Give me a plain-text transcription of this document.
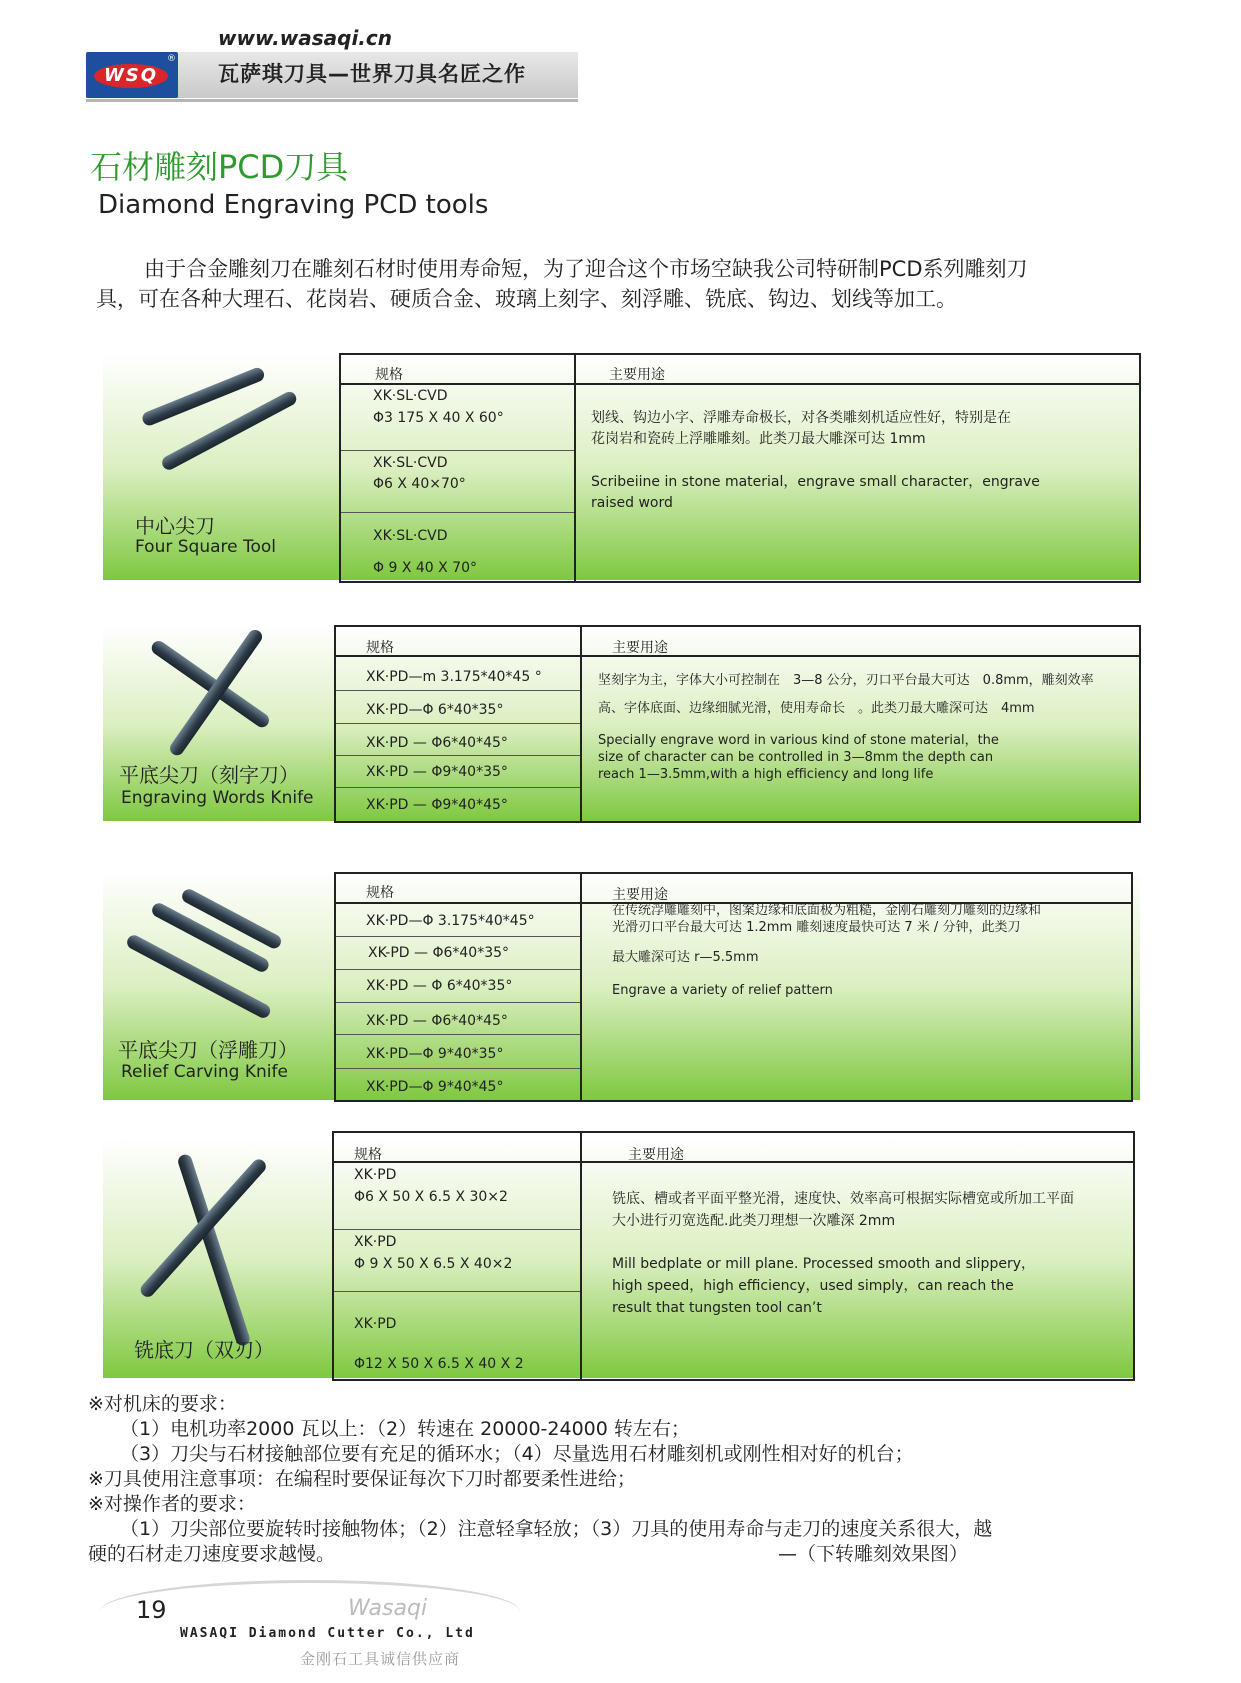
WSQ
®
www.wasaqi.cn
瓦萨琪刀具—世界刀具名匠之作
石材雕刻PCD刀具
Diamond Engraving PCD tools
由于合金雕刻刀在雕刻石材时使用寿命短，为了迎合这个市场空缺我公司特研制PCD系列雕刻刀具，可在各种大理石、花岗岩、硬质合金、玻璃上刻字、刻浮雕、铣底、钩边、划线等加工。
中心尖刀
Four Square Tool
规格	主要用途
XK·SL·CVD
Φ3 175 X 40 X 60°
XK·SL·CVD
Φ6 X 40×70°
XK·SL·CVD
Φ 9 X 40 X 70°
划线、钩边小字、浮雕寿命极长，对各类雕刻机适应性好，特别是在
花岗岩和瓷砖上浮雕雕刻。此类刀最大雕深可达 1mm
Scribeiine in stone material，engrave small character，engrave
raised word
平底尖刀（刻字刀）
Engraving Words Knife
规格	主要用途
XK·PD—m 3.175*40*45 °
XK·PD—Φ 6*40*35°
XK·PD — Φ6*40*45°
XK·PD — Φ9*40*35°
XK·PD — Φ9*40*45°
坚刻字为主，字体大小可控制在　3—8 公分，刃口平台最大可达　0.8mm，雕刻效率
高、字体底面、边缘细腻光滑，使用寿命长　。此类刀最大雕深可达　4mm
Specially engrave word in various kind of stone material，the
size of character can be controlled in 3—8mm the depth can
reach 1—3.5mm,with a high efficiency and long life
平底尖刀（浮雕刀）
Relief Carving Knife
规格	主要用途
XK·PD—Φ 3.175*40*45°
XK-PD — Φ6*40*35°
XK·PD — Φ 6*40*35°
XK·PD — Φ6*40*45°
XK·PD—Φ 9*40*35°
XK·PD—Φ 9*40*45°
在传统浮雕雕刻中，图案边缘和底面极为粗糙，金刚石雕刻刀雕刻的边缘和
光滑刃口平台最大可达 1.2mm 雕刻速度最快可达 7 米 / 分钟，此类刀
最大雕深可达 r—5.5mm
Engrave a variety of relief pattern
铣底刀（双刃）
规格	主要用途
XK·PD
Φ6 X 50 X 6.5 X 30×2
XK·PD
Φ 9 X 50 X 6.5 X 40×2
XK·PD
Φ12 X 50 X 6.5 X 40 X 2
铣底、槽或者平面平整光滑，速度快、效率高可根据实际槽宽或所加工平面
大小进行刃宽选配.此类刀理想一次雕深 2mm
Mill bedplate or mill plane. Processed smooth and slippery，
high speed，high efficiency，used simply，can reach the
result that tungsten tool can’t
※对机床的要求：
（1）电机功率2000 瓦以上：（2）转速在 20000-24000 转左右；
（3）刀尖与石材接触部位要有充足的循环水；（4）尽量选用石材雕刻机或刚性相对好的机台；
※刀具使用注意事项：在编程时要保证每次下刀时都要柔性进给；
※对操作者的要求：
（1）刀尖部位要旋转时接触物体；（2）注意轻拿轻放；（3）刀具的使用寿命与走刀的速度关系很大，越
硬的石材走刀速度要求越慢。	—（下转雕刻效果图）
19	Wasaqi
WASAQI Diamond Cutter Co., Ltd
金刚石工具诚信供应商
